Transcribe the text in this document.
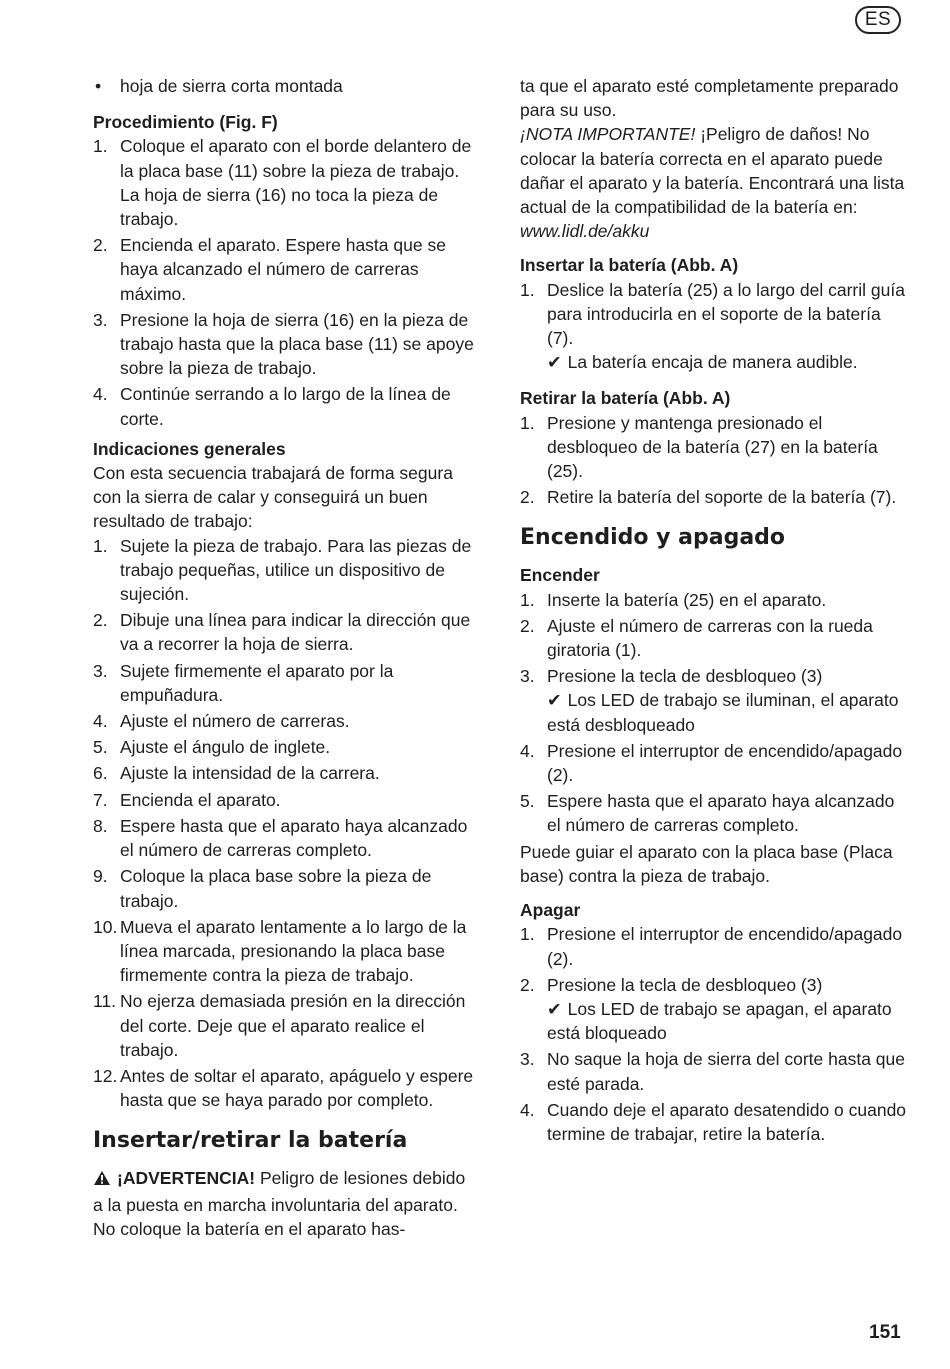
ES
• hoja de sierra corta montada

Procedimiento (Fig. F)

1. Coloque el aparato con el borde delantero de la placa base (11) sobre la pieza de trabajo. La hoja de sierra (16) no toca la pieza de trabajo.
2. Encienda el aparato. Espere hasta que se haya alcanzado el número de carreras máximo.
3. Presione la hoja de sierra (16) en la pieza de trabajo hasta que la placa base (11) se apoye sobre la pieza de trabajo.
4. Continúe serrando a lo largo de la línea de corte.

Indicaciones generales

Con esta secuencia trabajará de forma segura con la sierra de calar y conseguirá un buen resultado de trabajo:

1. Sujete la pieza de trabajo. Para las piezas de trabajo pequeñas, utilice un dispositivo de sujeción.
2. Dibuje una línea para indicar la dirección que va a recorrer la hoja de sierra.
3. Sujete firmemente el aparato por la empuñadura.
4. Ajuste el número de carreras.
5. Ajuste el ángulo de inglete.
6. Ajuste la intensidad de la carrera.
7. Encienda el aparato.
8. Espere hasta que el aparato haya alcanzado el número de carreras completo.
9. Coloque la placa base sobre la pieza de trabajo.
10. Mueva el aparato lentamente a lo largo de la línea marcada, presionando la placa base firmemente contra la pieza de trabajo.
11. No ejerza demasiada presión en la dirección del corte. Deje que el aparato realice el trabajo.
12. Antes de soltar el aparato, apáguelo y espere hasta que se haya parado por completo.
Insertar/retirar la batería

¡ADVERTENCIA! Peligro de lesiones debido a la puesta en marcha involuntaria del aparato. No coloque la batería en el aparato has-

ta que el aparato esté completamente preparado para su uso.

¡NOTA IMPORTANTE! ¡Peligro de daños! No colocar la batería correcta en el aparato puede dañar el aparato y la batería. Encontrará una lista actual de la compatibilidad de la batería en: www.lidl.de/akku

Insertar la batería (Abb. A)

1. Deslice la batería (25) a lo largo del carril guía para introducirla en el soporte de la batería (7).
✔ La batería encaja de manera audible.

Retirar la batería (Abb. A)

1. Presione y mantenga presionado el desbloqueo de la batería (27) en la batería (25).
2. Retire la batería del soporte de la batería (7).
Encendido y apagado

Encender

1. Inserte la batería (25) en el aparato.
2. Ajuste el número de carreras con la rueda giratoria (1).
3. Presione la tecla de desbloqueo (3)
✔ Los LED de trabajo se iluminan, el aparato está desbloqueado
4. Presione el interruptor de encendido/apagado (2).
5. Espere hasta que el aparato haya alcanzado el número de carreras completo.

Puede guiar el aparato con la placa base (Placa base) contra la pieza de trabajo.

Apagar

1. Presione el interruptor de encendido/apagado (2).
2. Presione la tecla de desbloqueo (3)
✔ Los LED de trabajo se apagan, el aparato está bloqueado
3. No saque la hoja de sierra del corte hasta que esté parada.
4. Cuando deje el aparato desatendido o cuando termine de trabajar, retire la batería.
151
